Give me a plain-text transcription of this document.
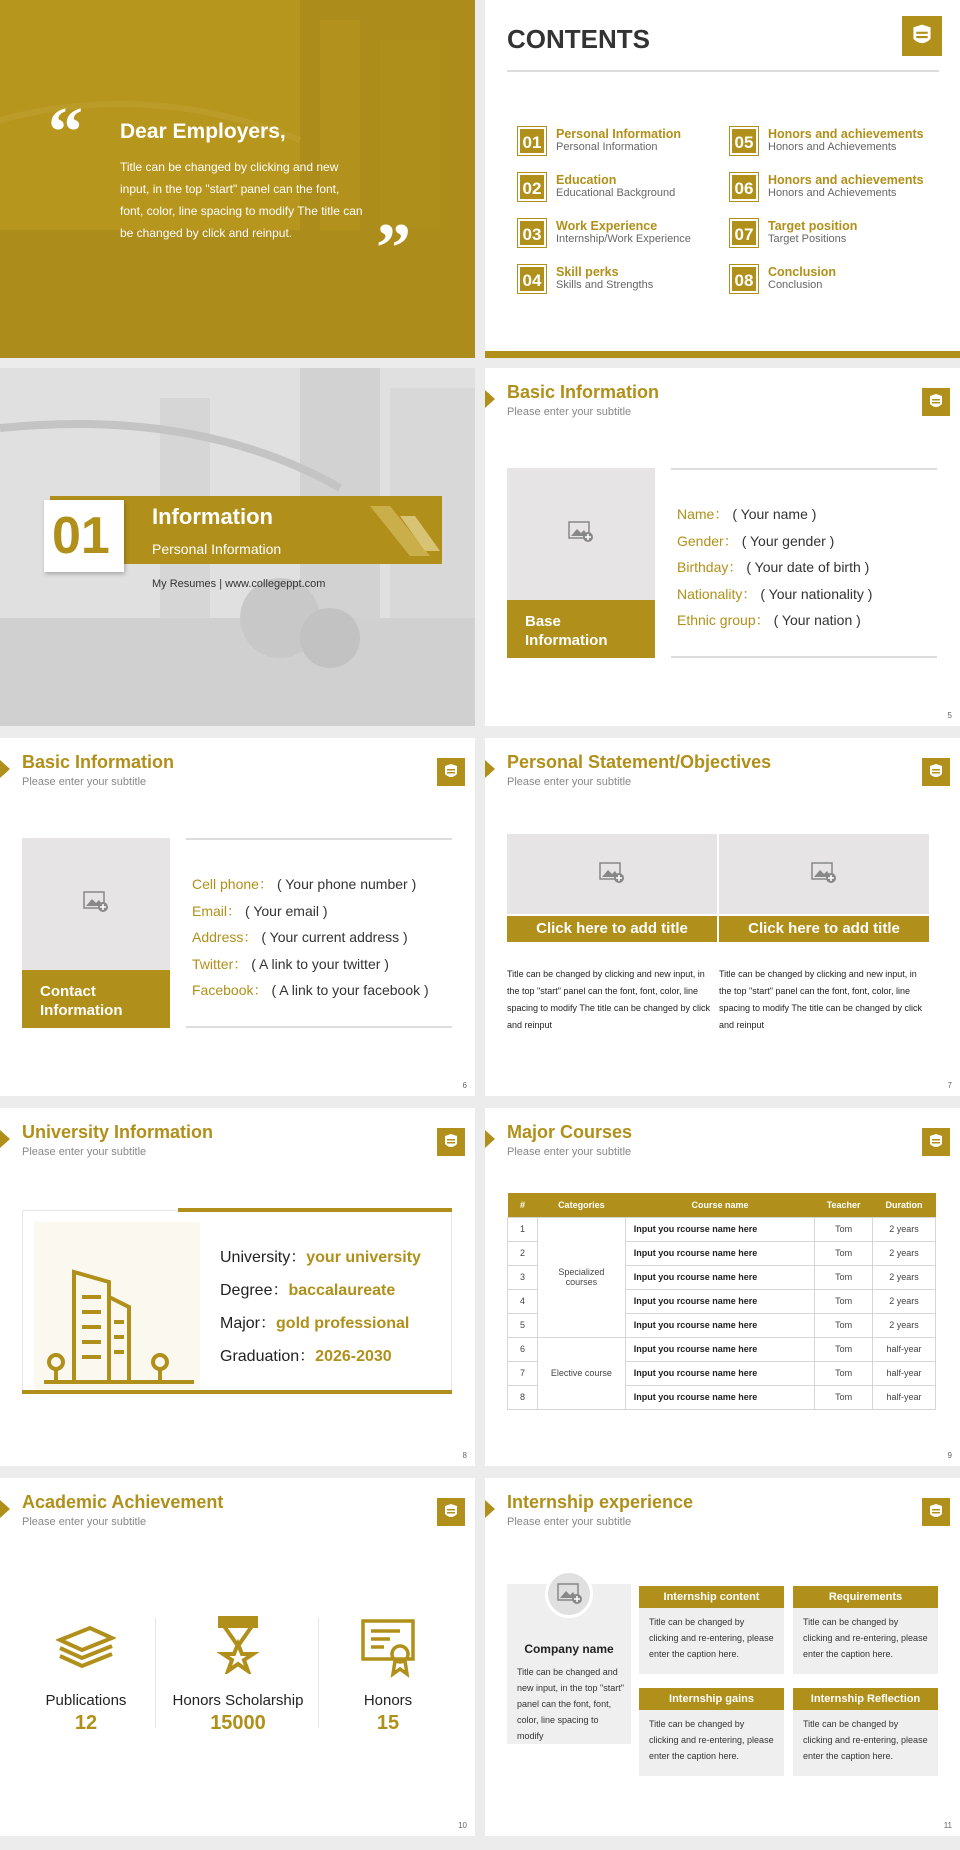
“ Dear Employers,
Title can be changed by clicking and new input, in the top "start" panel can the font, font, color, line spacing to modify The title can be changed by click and reinput.	”
CONTENTS
01	Personal Information
Personal Information
02	Education
Educational Background
03	Work Experience
Internship/Work Experience
04	Skill perks
Skills and Strengths
05	Honors and achievements
Honors and Achievements
06	Honors and achievements
Honors and Achievements
07	Target position
Target Positions
08	Conclusion
Conclusion
01 Information
Personal Information
My Resumes | www.collegeppt.com
Basic Information
Please enter your subtitle
Base Information
Name： ( Your name )
Gender： ( Your gender )
Birthday： ( Your date of birth )
Nationality： ( Your nationality )
Ethnic group： ( Your nation )
5
Basic Information
Please enter your subtitle
Contact Information
Cell phone： ( Your phone number )
Email： ( Your email )
Address： ( Your current address )
Twitter： ( A link to your twitter )
Facebook： ( A link to your facebook )
6
Personal Statement/Objectives
Please enter your subtitle
Click here to add title
Title can be changed by clicking and new input, in the top "start" panel can the font, font, color, line spacing to modify The title can be changed by click and reinput
Click here to add title
Title can be changed by clicking and new input, in the top "start" panel can the font, font, color, line spacing to modify The title can be changed by click and reinput
7
University Information
Please enter your subtitle
University：your university
Degree：baccalaureate
Major：gold professional
Graduation：2026-2030
8
Major Courses
Please enter your subtitle
#	Categories	Course name	Teacher	Duration
1	Specialized courses	Input you rcourse name here	Tom	2 years
2		Input you rcourse name here	Tom	2 years
3		Input you rcourse name here	Tom	2 years
4		Input you rcourse name here	Tom	2 years
5		Input you rcourse name here	Tom	2 years
6	Elective course	Input you rcourse name here	Tom	half-year
7		Input you rcourse name here	Tom	half-year
8		Input you rcourse name here	Tom	half-year
9
Academic Achievement
Please enter your subtitle
Publications
12
Honors Scholarship
15000
Honors
15
10
Internship experience
Please enter your subtitle
Company name
Title can be changed and new input, in the top "start" panel can the font, font, color, line spacing to modify
Internship content
Title can be changed by clicking and re-entering, please enter the caption here.
Requirements
Title can be changed by clicking and re-entering, please enter the caption here.
Internship gains
Title can be changed by clicking and re-entering, please enter the caption here.
Internship Reflection
Title can be changed by clicking and re-entering, please enter the caption here.
11
